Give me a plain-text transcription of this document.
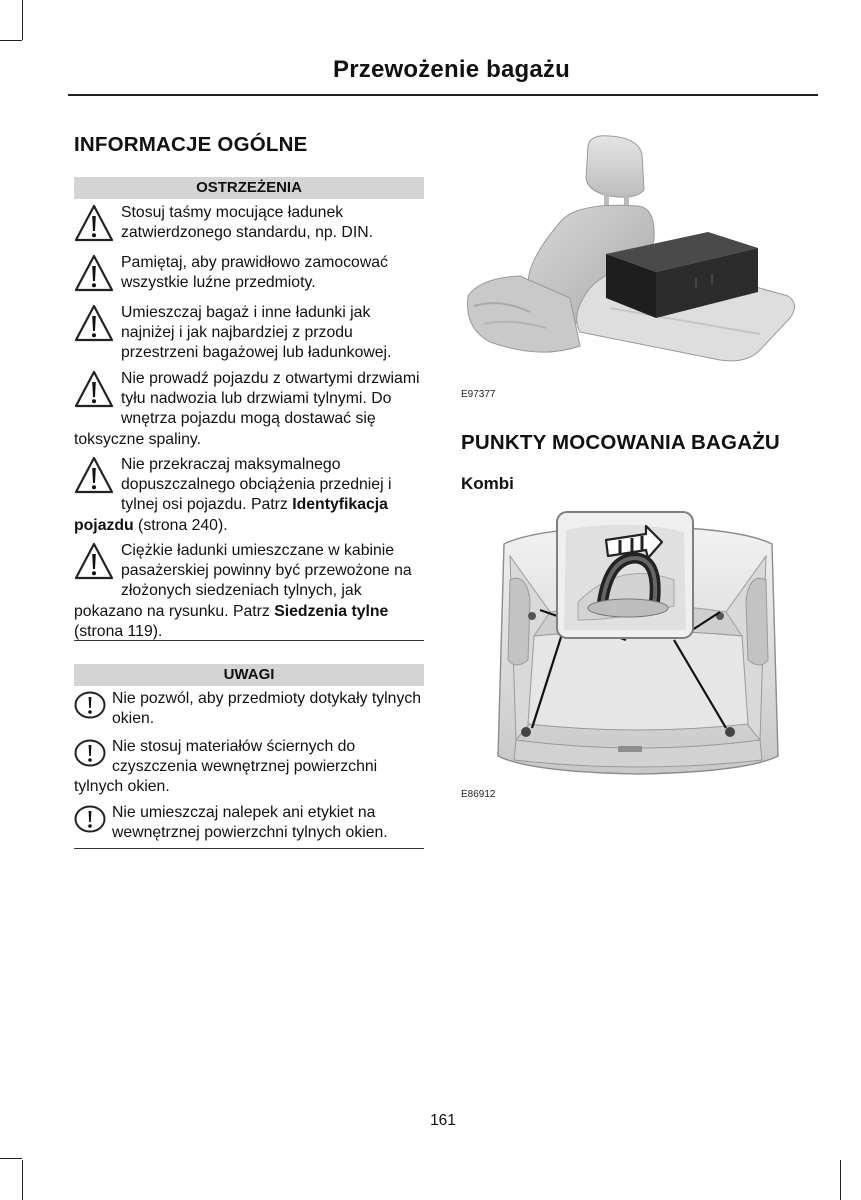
Przewożenie bagażu
INFORMACJE OGÓLNE
OSTRZEŻENIA
Stosuj taśmy mocujące ładunek zatwierdzonego standardu, np. DIN.
Pamiętaj, aby prawidłowo zamocować wszystkie luźne przedmioty.
Umieszczaj bagaż i inne ładunki jak najniżej i jak najbardziej z przodu przestrzeni bagażowej lub ładunkowej.
Nie prowadź pojazdu z otwartymi drzwiami tyłu nadwozia lub drzwiami tylnymi. Do wnętrza pojazdu mogą dostawać się toksyczne spaliny.
Nie przekraczaj maksymalnego dopuszczalnego obciążenia przedniej i tylnej osi pojazdu. Patrz Identyfikacja pojazdu (strona 240).
Ciężkie ładunki umieszczane w kabinie pasażerskiej powinny być przewożone na złożonych siedzeniach tylnych, jak pokazano na rysunku. Patrz Siedzenia tylne (strona 119).
UWAGI
Nie pozwól, aby przedmioty dotykały tylnych okien.
Nie stosuj materiałów ściernych do czyszczenia wewnętrznej powierzchni tylnych okien.
Nie umieszczaj nalepek ani etykiet na wewnętrznej powierzchni tylnych okien.
E97377
PUNKTY MOCOWANIA BAGAŻU
Kombi
E86912
161
